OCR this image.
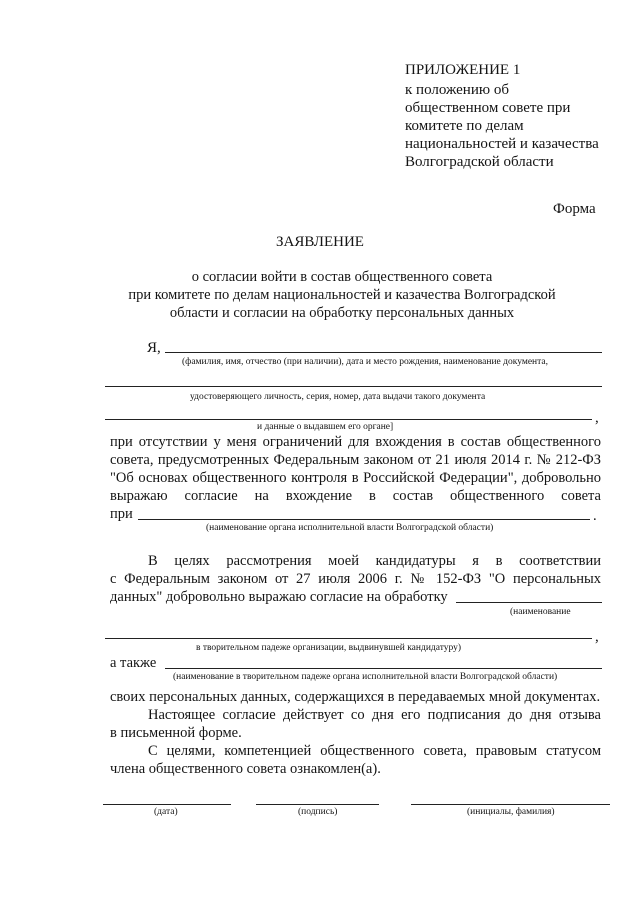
ПРИЛОЖЕНИЕ 1
к положению об
общественном совете при
комитете по делам
национальностей и казачества
Волгоградской области
Форма
ЗАЯВЛЕНИЕ
о согласии войти в состав общественного совета
при комитете по делам национальностей и казачества Волгоградской
области и согласии на обработку персональных данных
Я,
(фамилия, имя, отчество (при наличии), дата и место рождения, наименование документа,
удостоверяющего личность, серия, номер, дата выдачи такого документа
,
и данные о выдавшем его органе]
при отсутствии у меня ограничений для вхождения в состав общественного
совета, предусмотренных Федеральным законом от 21 июля 2014 г. № 212-ФЗ
"Об основах общественного контроля в Российской Федерации", добровольно
выражаю согласие на вхождение в состав общественного совета
при	.
(наименование органа исполнительной власти Волгоградской области)
В целях рассмотрения моей кандидатуры я в соответствии
с Федеральным законом от 27 июля 2006 г. № 152-ФЗ "О персональных
данных" добровольно выражаю согласие на обработку
(наименование
,
в творительном падеже организации, выдвинувшей кандидатуру)
а также
(наименование в творительном падеже органа исполнительной власти Волгоградской области)
своих персональных данных, содержащихся в передаваемых мной документах.
Настоящее согласие действует со дня его подписания до дня отзыва
в письменной форме.
С целями, компетенцией общественного совета, правовым статусом
члена общественного совета ознакомлен(а).
(дата)	(подпись)	(инициалы, фамилия)
